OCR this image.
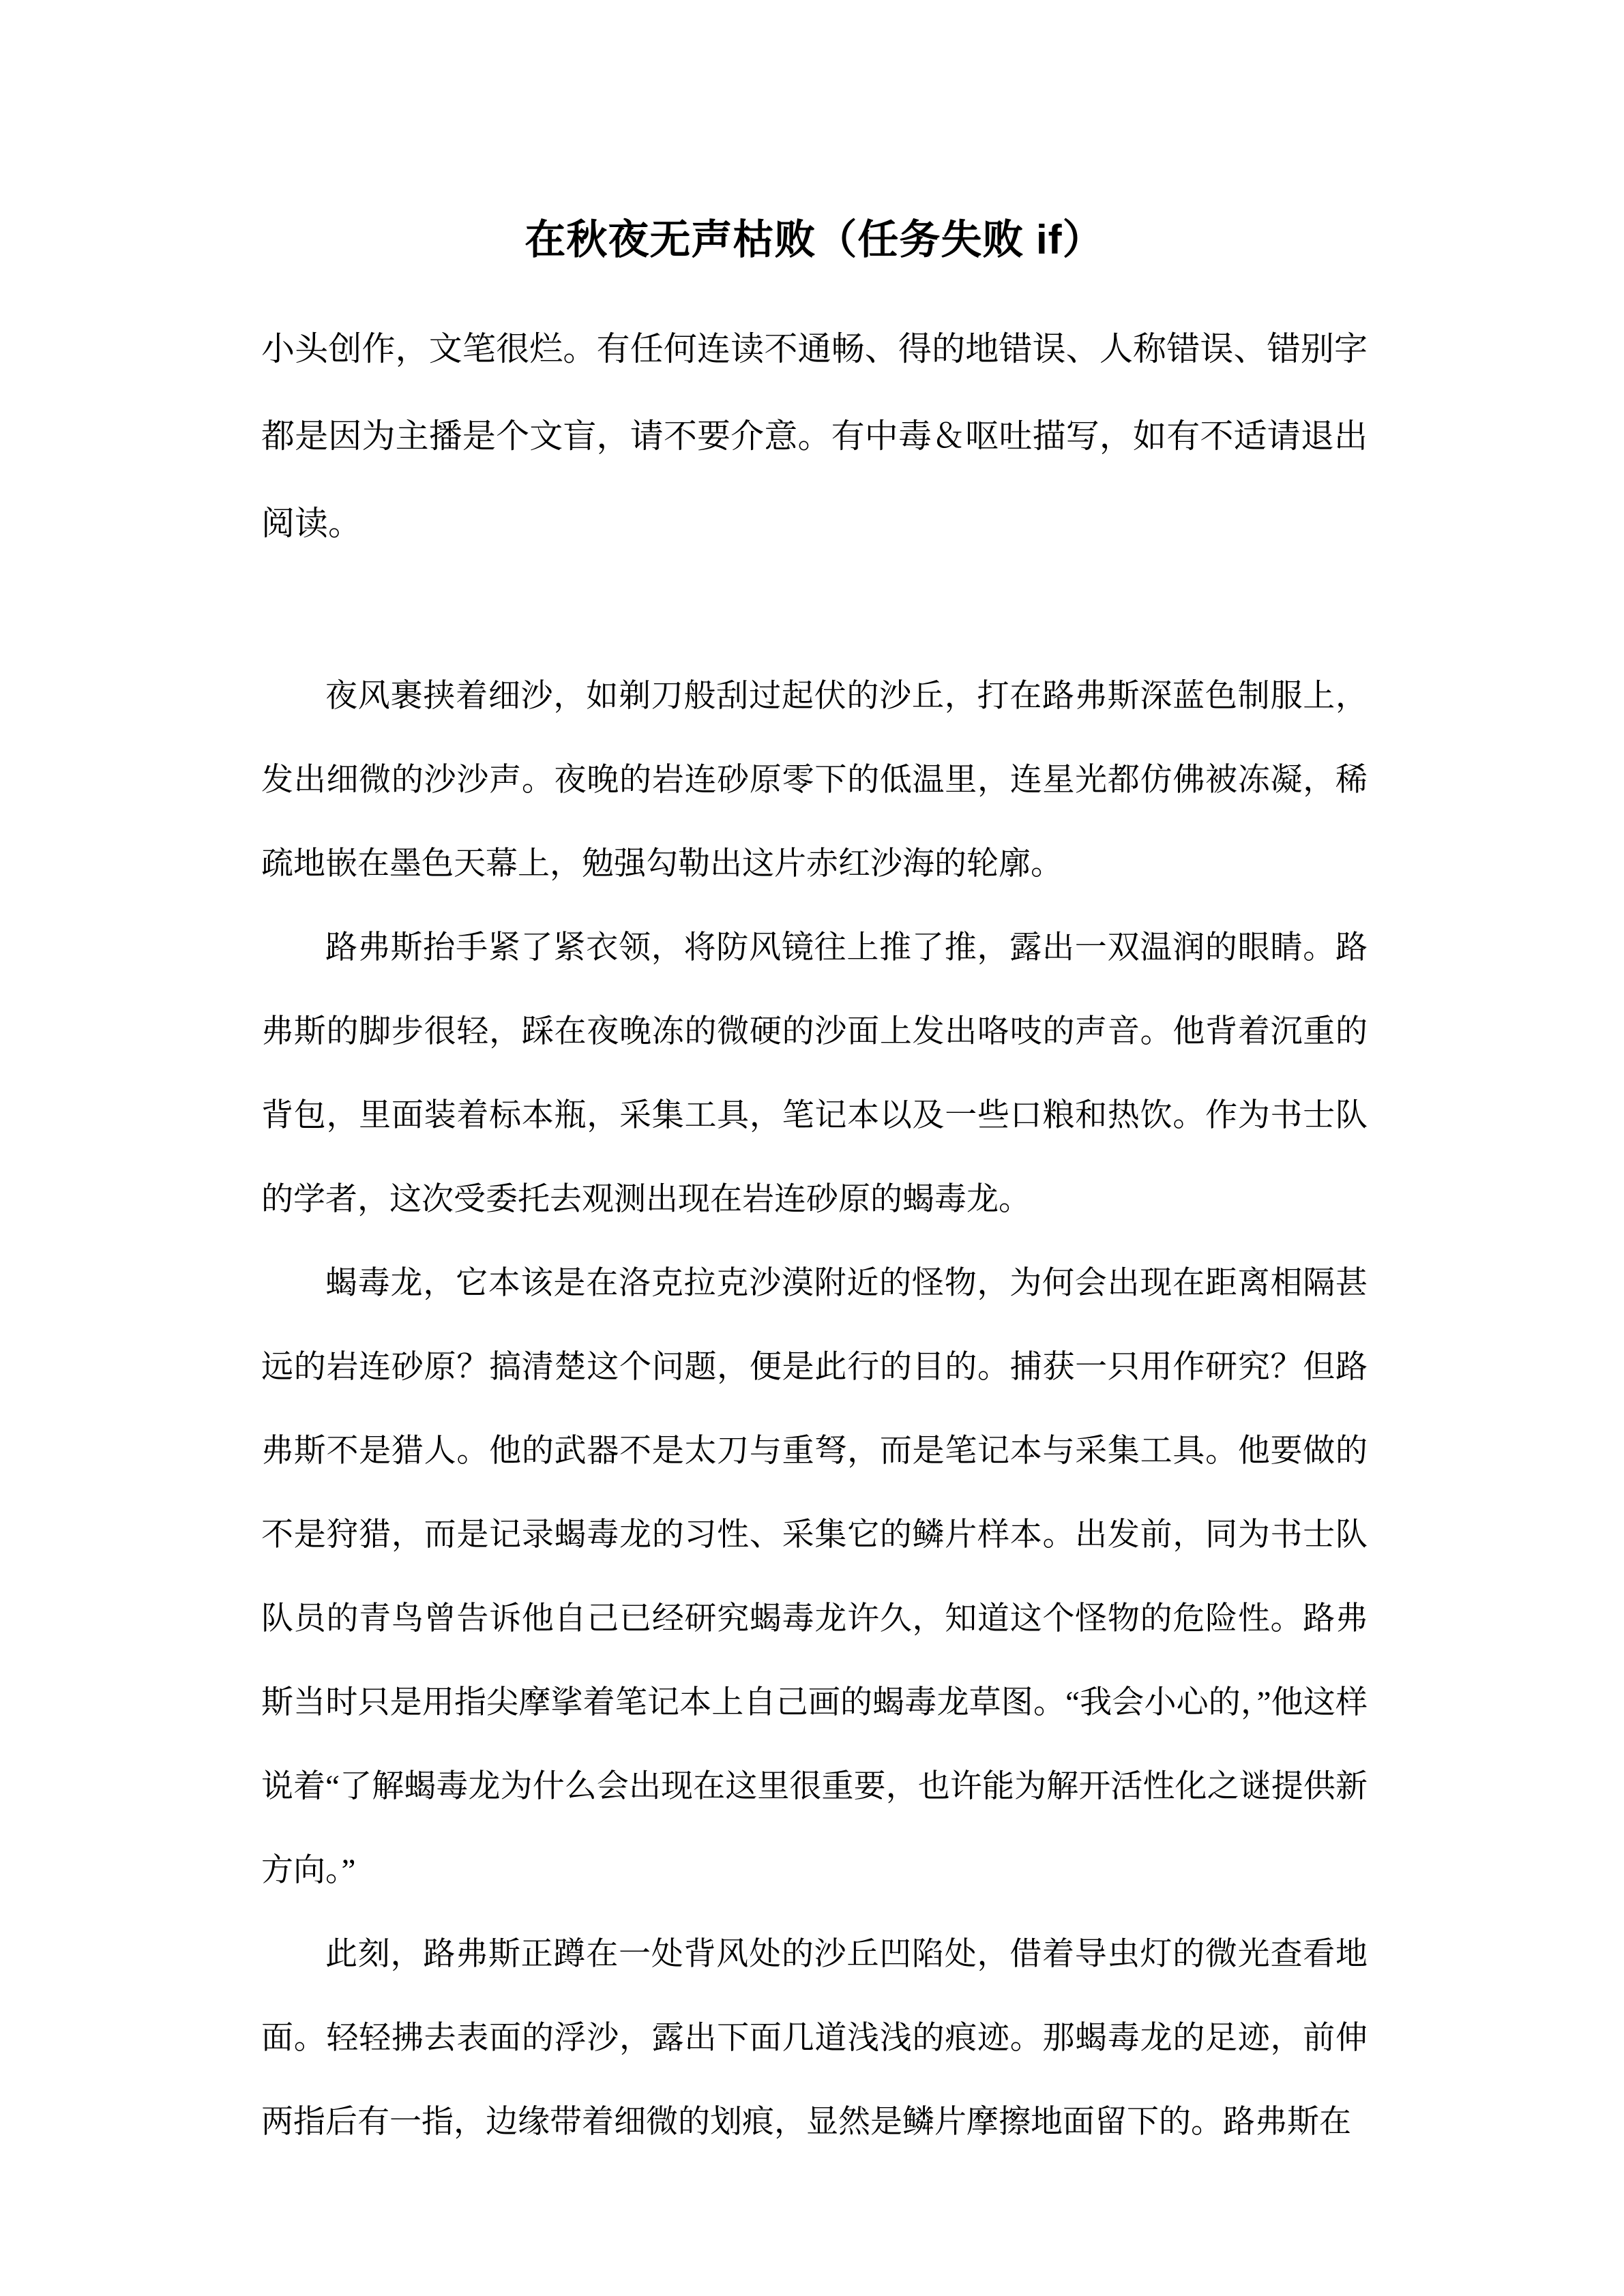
在秋夜无声枯败（任务失败 if）

小头创作，文笔很烂。有任何连读不通畅、得的地错误、人称错误、错别字都是因为主播是个文盲，请不要介意。有中毒＆呕吐描写，如有不适请退出阅读。

夜风裹挟着细沙，如剃刀般刮过起伏的沙丘，打在路弗斯深蓝色制服上，发出细微的沙沙声。夜晚的岩连砂原零下的低温里，连星光都仿佛被冻凝，稀疏地嵌在墨色天幕上，勉强勾勒出这片赤红沙海的轮廓。

路弗斯抬手紧了紧衣领，将防风镜往上推了推，露出一双温润的眼睛。路弗斯的脚步很轻，踩在夜晚冻的微硬的沙面上发出咯吱的声音。他背着沉重的背包，里面装着标本瓶，采集工具，笔记本以及一些口粮和热饮。作为书士队的学者，这次受委托去观测出现在岩连砂原的蝎毒龙。

蝎毒龙，它本该是在洛克拉克沙漠附近的怪物，为何会出现在距离相隔甚远的岩连砂原？搞清楚这个问题，便是此行的目的。捕获一只用作研究？但路弗斯不是猎人。他的武器不是太刀与重弩，而是笔记本与采集工具。他要做的不是狩猎，而是记录蝎毒龙的习性、采集它的鳞片样本。出发前，同为书士队队员的青鸟曾告诉他自己已经研究蝎毒龙许久，知道这个怪物的危险性。路弗斯当时只是用指尖摩挲着笔记本上自己画的蝎毒龙草图。“我会小心的，”他这样说着“了解蝎毒龙为什么会出现在这里很重要，也许能为解开活性化之谜提供新方向。”

此刻，路弗斯正蹲在一处背风处的沙丘凹陷处，借着导虫灯的微光查看地面。轻轻拂去表面的浮沙，露出下面几道浅浅的痕迹。那蝎毒龙的足迹，前伸两指后有一指，边缘带着细微的划痕，显然是鳞片摩擦地面留下的。路弗斯在
